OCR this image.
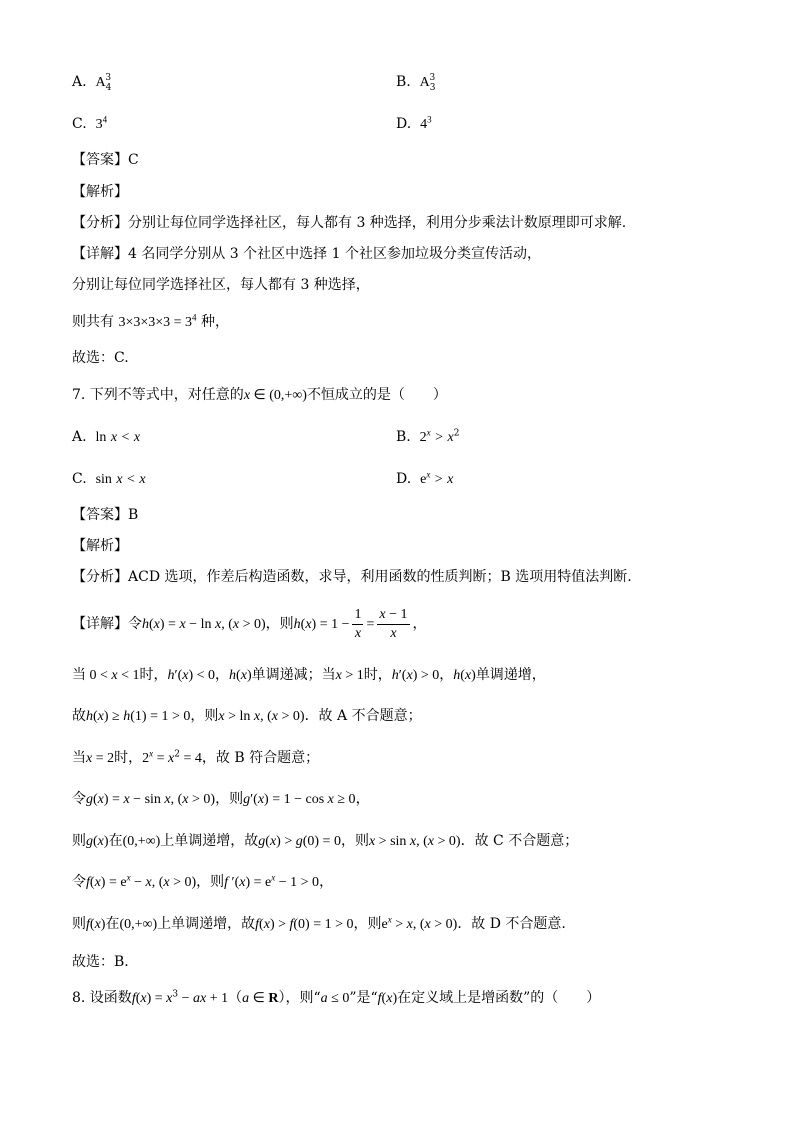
A. $A_4^3$	B. $A_3^3$
C. $3^4$	D. $4^3$
【答案】C
【解析】
【分析】分别让每位同学选择社区，每人都有 3 种选择，利用分步乘法计数原理即可求解.
【详解】4 名同学分别从 3 个社区中选择 1 个社区参加垃圾分类宣传活动，
分别让每位同学选择社区，每人都有 3 种选择，
则共有 $3\times 3\times 3\times 3 = 3^4$ 种，
故选：C.
7. 下列不等式中，对任意的x ∈ (0,+∞)不恒成立的是（　　）
A. ln x < x	B. $2^x > x^2$
C. sin x < x	D. $e^x > x$
【答案】B
【解析】
【分析】ACD 选项，作差后构造函数，求导，利用函数的性质判断；B 选项用特值法判断.
【详解】令h(x) = x − ln x, (x > 0)，则$h(x) = 1 - \frac{1}{x} = \frac{x - 1}{x}$ ，
当 0 < x < 1时，h′(x) < 0，h(x)单调递减；当x > 1时，h′(x) > 0，h(x)单调递增，
故h(x) ≥ h(1) = 1 > 0，则x > ln x, (x > 0)．故 A 不合题意；
当x = 2时，$2^x = x^2 = 4$，故 B 符合题意；
令g(x) = x − sin x, (x > 0)，则g′(x) = 1 − cos x ≥ 0，
则g(x)在(0,+∞)上单调递增，故g(x) > g(0) = 0，则x > sin x, (x > 0)．故 C 不合题意；
令$f(x) = e^x - x$, (x > 0)，则f $'(x) = e^x - 1 > 0$，
则f(x)在(0,+∞)上单调递增，故f(x) > f(0) = 1 > 0，则$e^x > x$, (x > 0)．故 D 不合题意.
故选：B.
8. 设函数$f(x) = x^3$ − ax + 1（a ∈ R），则“a ≤ 0”是“f(x)在定义域上是增函数”的（　　）
